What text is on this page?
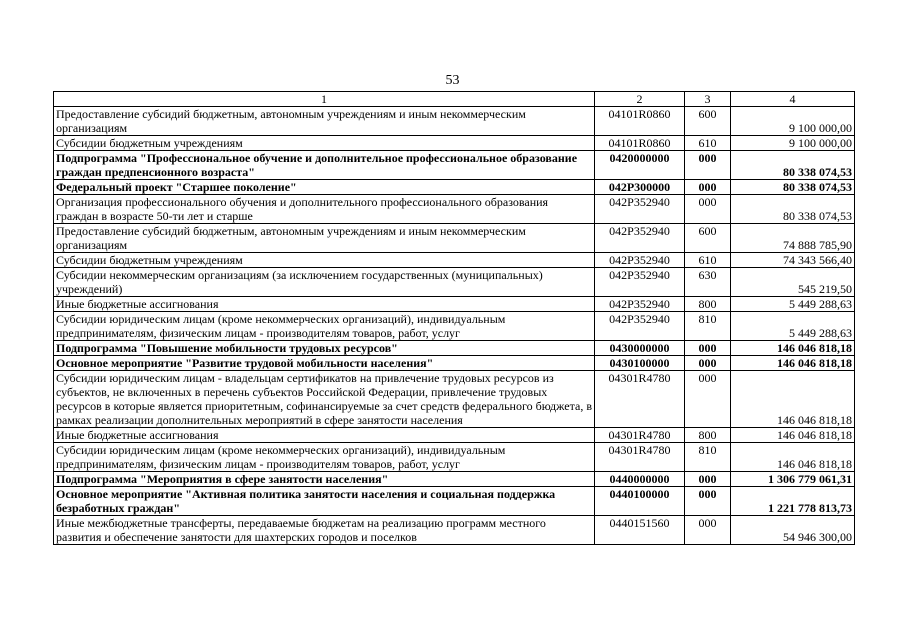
53
1	2	3	4
Предоставление субсидий бюджетным, автономным учреждениям и иным некоммерческим организациям	04101R0860	600	9 100 000,00
Субсидии бюджетным учреждениям	04101R0860	610	9 100 000,00
Подпрограмма "Профессиональное обучение и дополнительное профессиональное образование граждан предпенсионного возраста"	0420000000	000	80 338 074,53
Федеральный проект "Старшее поколение"	042P300000	000	80 338 074,53
Организация профессионального обучения и дополнительного профессионального образования граждан в возрасте 50-ти лет и старше	042P352940	000	80 338 074,53
Предоставление субсидий бюджетным, автономным учреждениям и иным некоммерческим организациям	042P352940	600	74 888 785,90
Субсидии бюджетным учреждениям	042P352940	610	74 343 566,40
Субсидии некоммерческим организациям (за исключением государственных (муниципальных) учреждений)	042P352940	630	545 219,50
Иные бюджетные ассигнования	042P352940	800	5 449 288,63
Субсидии юридическим лицам (кроме некоммерческих организаций), индивидуальным предпринимателям, физическим лицам - производителям товаров, работ, услуг	042P352940	810	5 449 288,63
Подпрограмма "Повышение мобильности трудовых ресурсов"	0430000000	000	146 046 818,18
Основное мероприятие "Развитие трудовой мобильности населения"	0430100000	000	146 046 818,18
Субсидии юридическим лицам - владельцам сертификатов на привлечение трудовых ресурсов из субъектов, не включенных в перечень субъектов Российской Федерации, привлечение трудовых ресурсов в которые является приоритетным, софинансируемые за счет средств федерального бюджета, в рамках реализации дополнительных мероприятий в сфере занятости населения	04301R4780	000	146 046 818,18
Иные бюджетные ассигнования	04301R4780	800	146 046 818,18
Субсидии юридическим лицам (кроме некоммерческих организаций), индивидуальным предпринимателям, физическим лицам - производителям товаров, работ, услуг	04301R4780	810	146 046 818,18
Подпрограмма "Мероприятия в сфере занятости населения"	0440000000	000	1 306 779 061,31
Основное мероприятие "Активная политика занятости населения и социальная поддержка безработных граждан"	0440100000	000	1 221 778 813,73
Иные межбюджетные трансферты, передаваемые бюджетам на реализацию программ местного развития и обеспечение занятости для шахтерских городов и поселков	0440151560	000	54 946 300,00
